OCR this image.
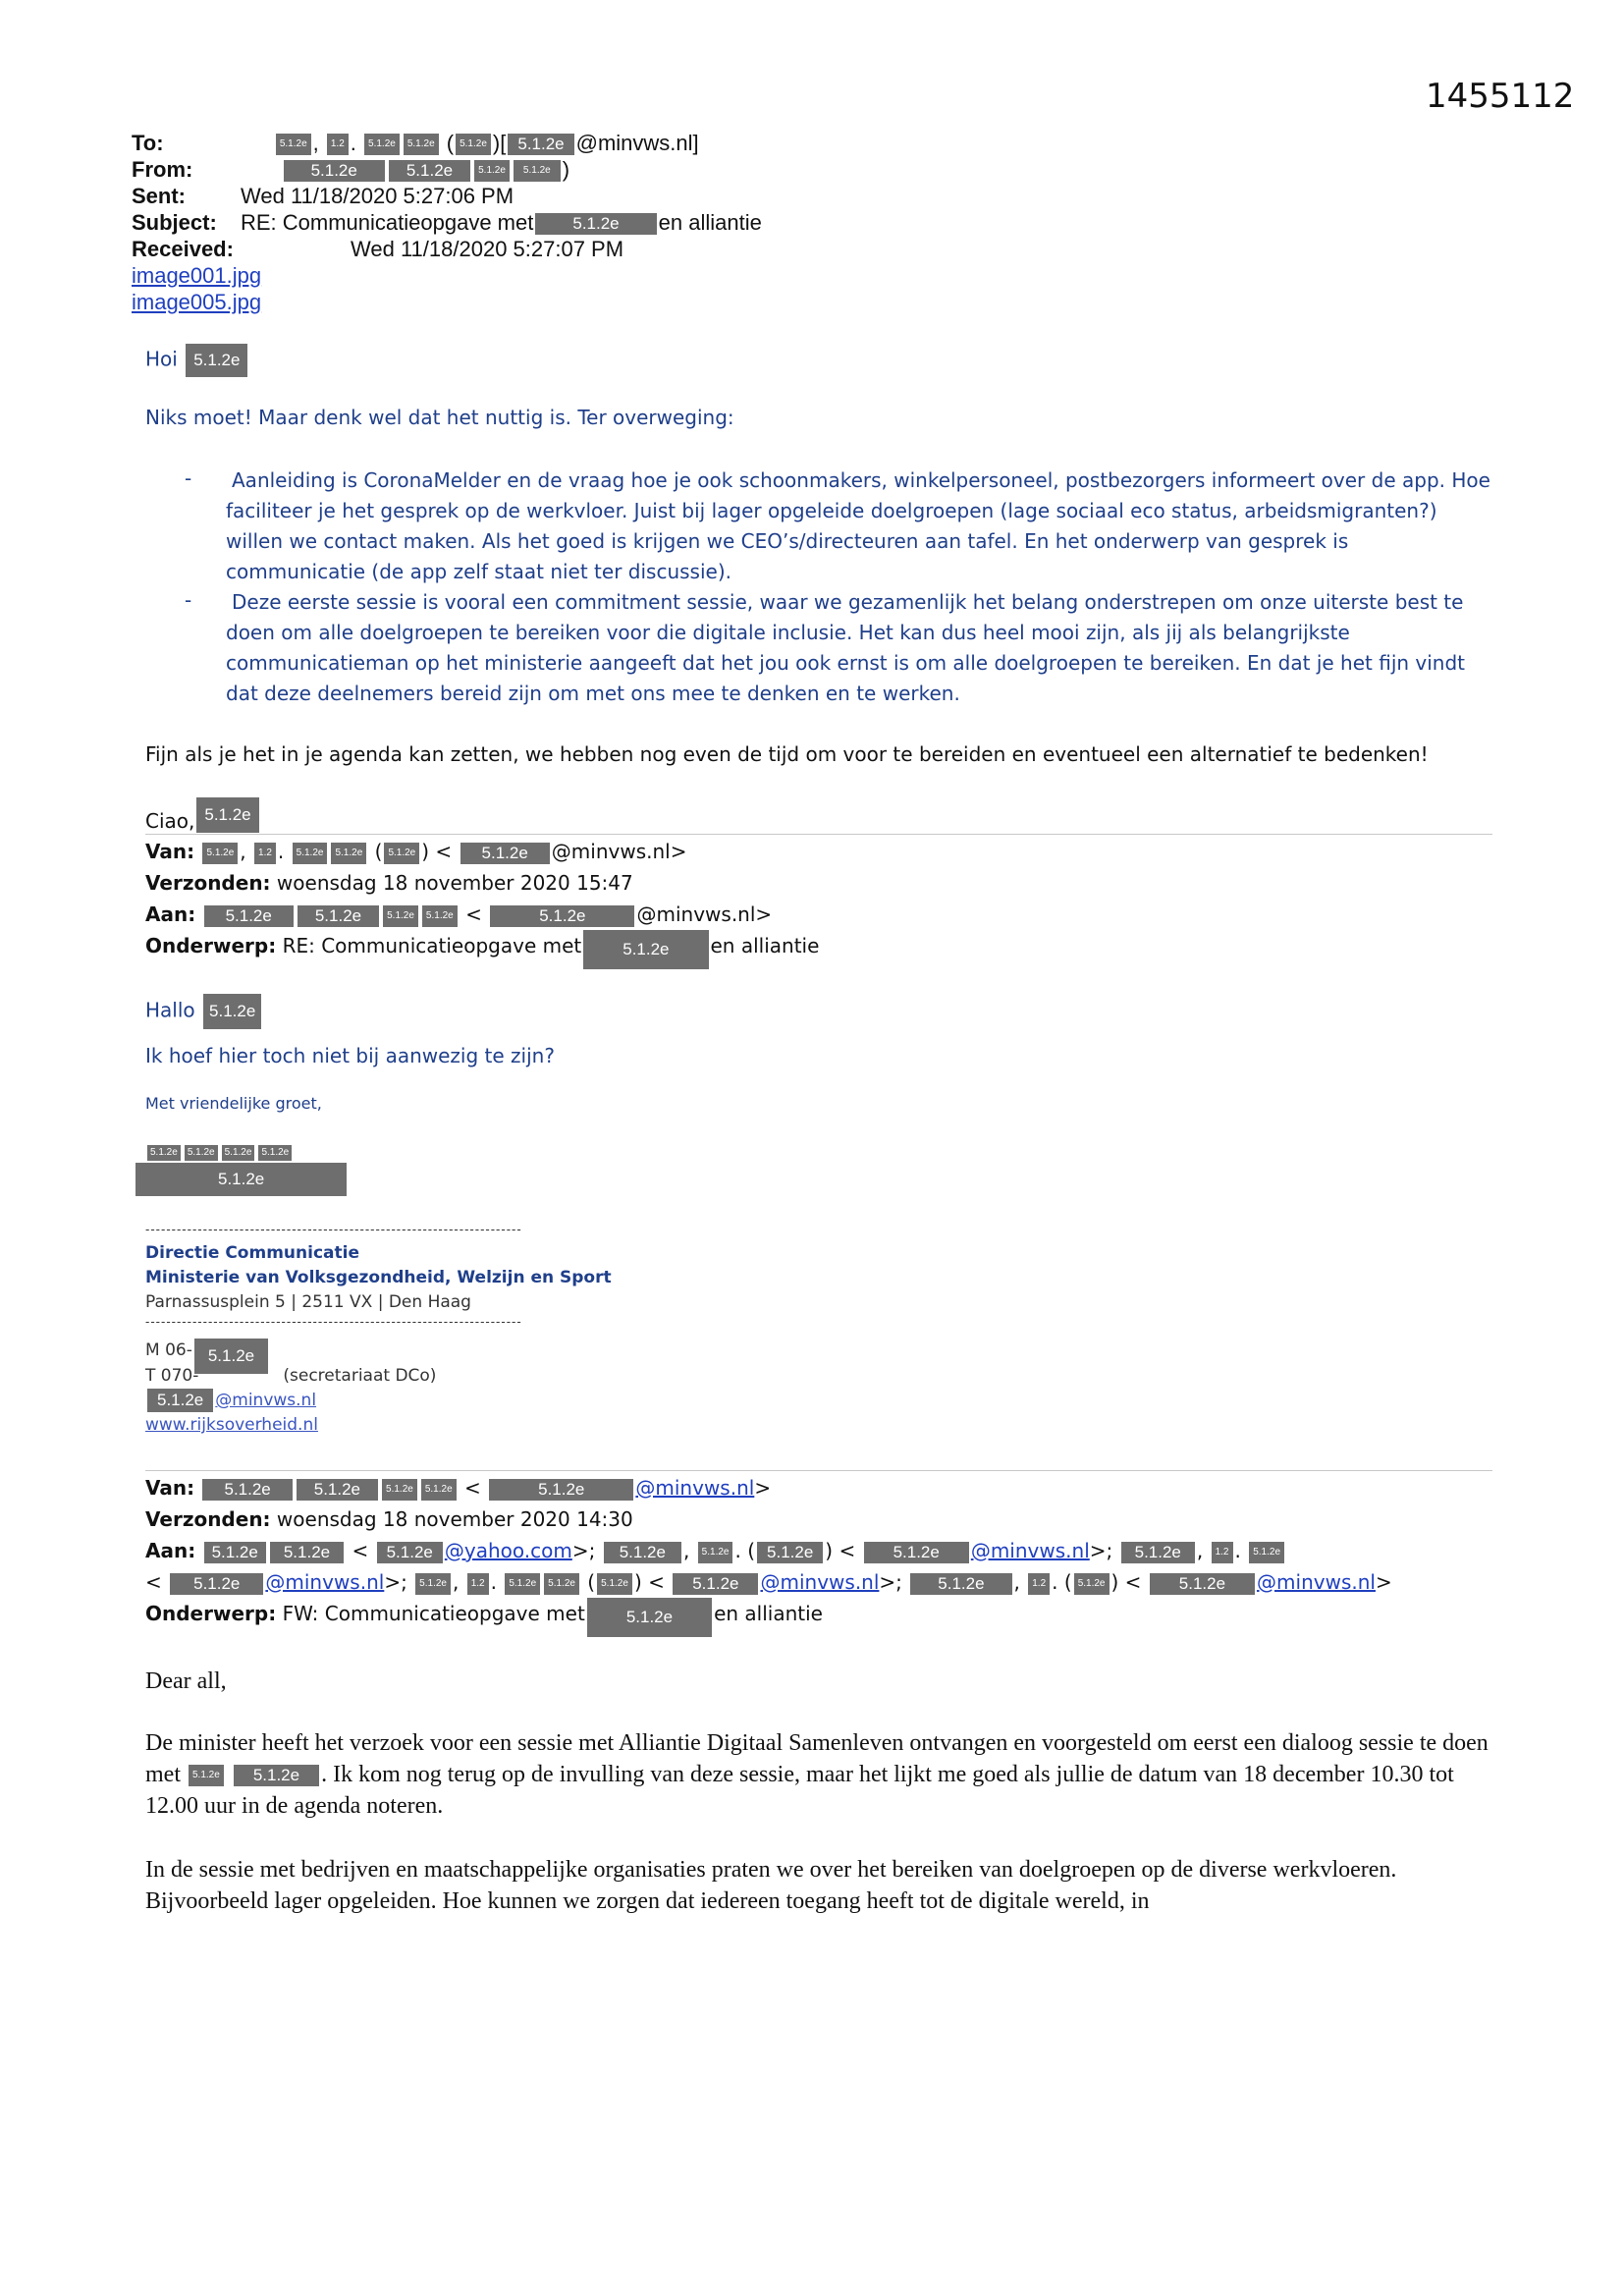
1455112
To:	5.1.2e , 1.2 . 5.1.2e 5.1.2e ( 5.1.2e )[ 5.1.2e @minvws.nl]
From:	5.1.2e	5.1.2e	5.1.2e 5.1.2e )
Sent:	Wed 11/18/2020 5:27:06 PM
Subject: RE: Communicatieopgave met 5.1.2e en alliantie
Received:	Wed 11/18/2020 5:27:07 PM
image001.jpg
image005.jpg
Hoi 5.1.2e
Niks moet! Maar denk wel dat het nuttig is. Ter overweging:
-	Aanleiding is CoronaMelder en de vraag hoe je ook schoonmakers, winkelpersoneel, postbezorgers informeert over de app. Hoe faciliteer je het gesprek op de werkvloer. Juist bij lager opgeleide doelgroepen (lage sociaal eco status, arbeidsmigranten?) willen we contact maken. Als het goed is krijgen we CEO’s/directeuren aan tafel. En het onderwerp van gesprek is communicatie (de app zelf staat niet ter discussie).
-	Deze eerste sessie is vooral een commitment sessie, waar we gezamenlijk het belang onderstrepen om onze uiterste best te doen om alle doelgroepen te bereiken voor die digitale inclusie. Het kan dus heel mooi zijn, als jij als belangrijkste communicatieman op het ministerie aangeeft dat het jou ook ernst is om alle doelgroepen te bereiken. En dat je het fijn vindt dat deze deelnemers bereid zijn om met ons mee te denken en te werken.
Fijn als je het in je agenda kan zetten, we hebben nog even de tijd om voor te bereiden en eventueel een alternatief te bedenken!
Ciao, 5.1.2e
Van: 5.1.2e , 1.2 . 5.1.2e 5.1.2e ( 5.1.2e ) < 5.1.2e @minvws.nl>
Verzonden: woensdag 18 november 2020 15:47
Aan: 5.1.2e	5.1.2e	5.1.2e 5.1.2e <	5.1.2e	@minvws.nl>
Onderwerp: RE: Communicatieopgave met 5.1.2e en alliantie
Hallo 5.1.2e
Ik hoef hier toch niet bij aanwezig te zijn?
Met vriendelijke groet,
5.1.2e 5.1.2e 5.1.2e 5.1.2e
5.1.2e
------------------------------------------------------------------------
Directie Communicatie
Ministerie van Volksgezondheid, Welzijn en Sport
Parnassusplein 5 | 2511 VX | Den Haag
------------------------------------------------------------------------
M 06- 5.1.2e
T 070-	(secretariaat DCo)
5.1.2e @minvws.nl
www.rijksoverheid.nl
Van: 5.1.2e	5.1.2e	5.1.2e 5.1.2e <	5.1.2e	@minvws.nl>
Verzonden: woensdag 18 november 2020 14:30
Aan: 5.1.2e 5.1.2e < 5.1.2e @yahoo.com>; 5.1.2e , 5.1.2e . ( 5.1.2e ) < 5.1.2e @minvws.nl>; 5.1.2e , 1.2 . 5.1.2e
< 5.1.2e @minvws.nl>; 5.1.2e , 1.2 . 5.1.2e 5.1.2e ( 5.1.2e ) < 5.1.2e @minvws.nl>; 5.1.2e , 1.2 . ( 5.1.2e ) < 5.1.2e @minvws.nl>
Onderwerp: FW: Communicatieopgave met 5.1.2e en alliantie
Dear all,
De minister heeft het verzoek voor een sessie met Alliantie Digitaal Samenleven ontvangen en voorgesteld om eerst een dialoog sessie te doen met 5.1.2e 5.1.2e . Ik kom nog terug op de invulling van deze sessie, maar het lijkt me goed als jullie de datum van 18 december 10.30 tot 12.00 uur in de agenda noteren.
In de sessie met bedrijven en maatschappelijke organisaties praten we over het bereiken van doelgroepen op de diverse werkvloeren. Bijvoorbeeld lager opgeleiden. Hoe kunnen we zorgen dat iedereen toegang heeft tot de digitale wereld, in
